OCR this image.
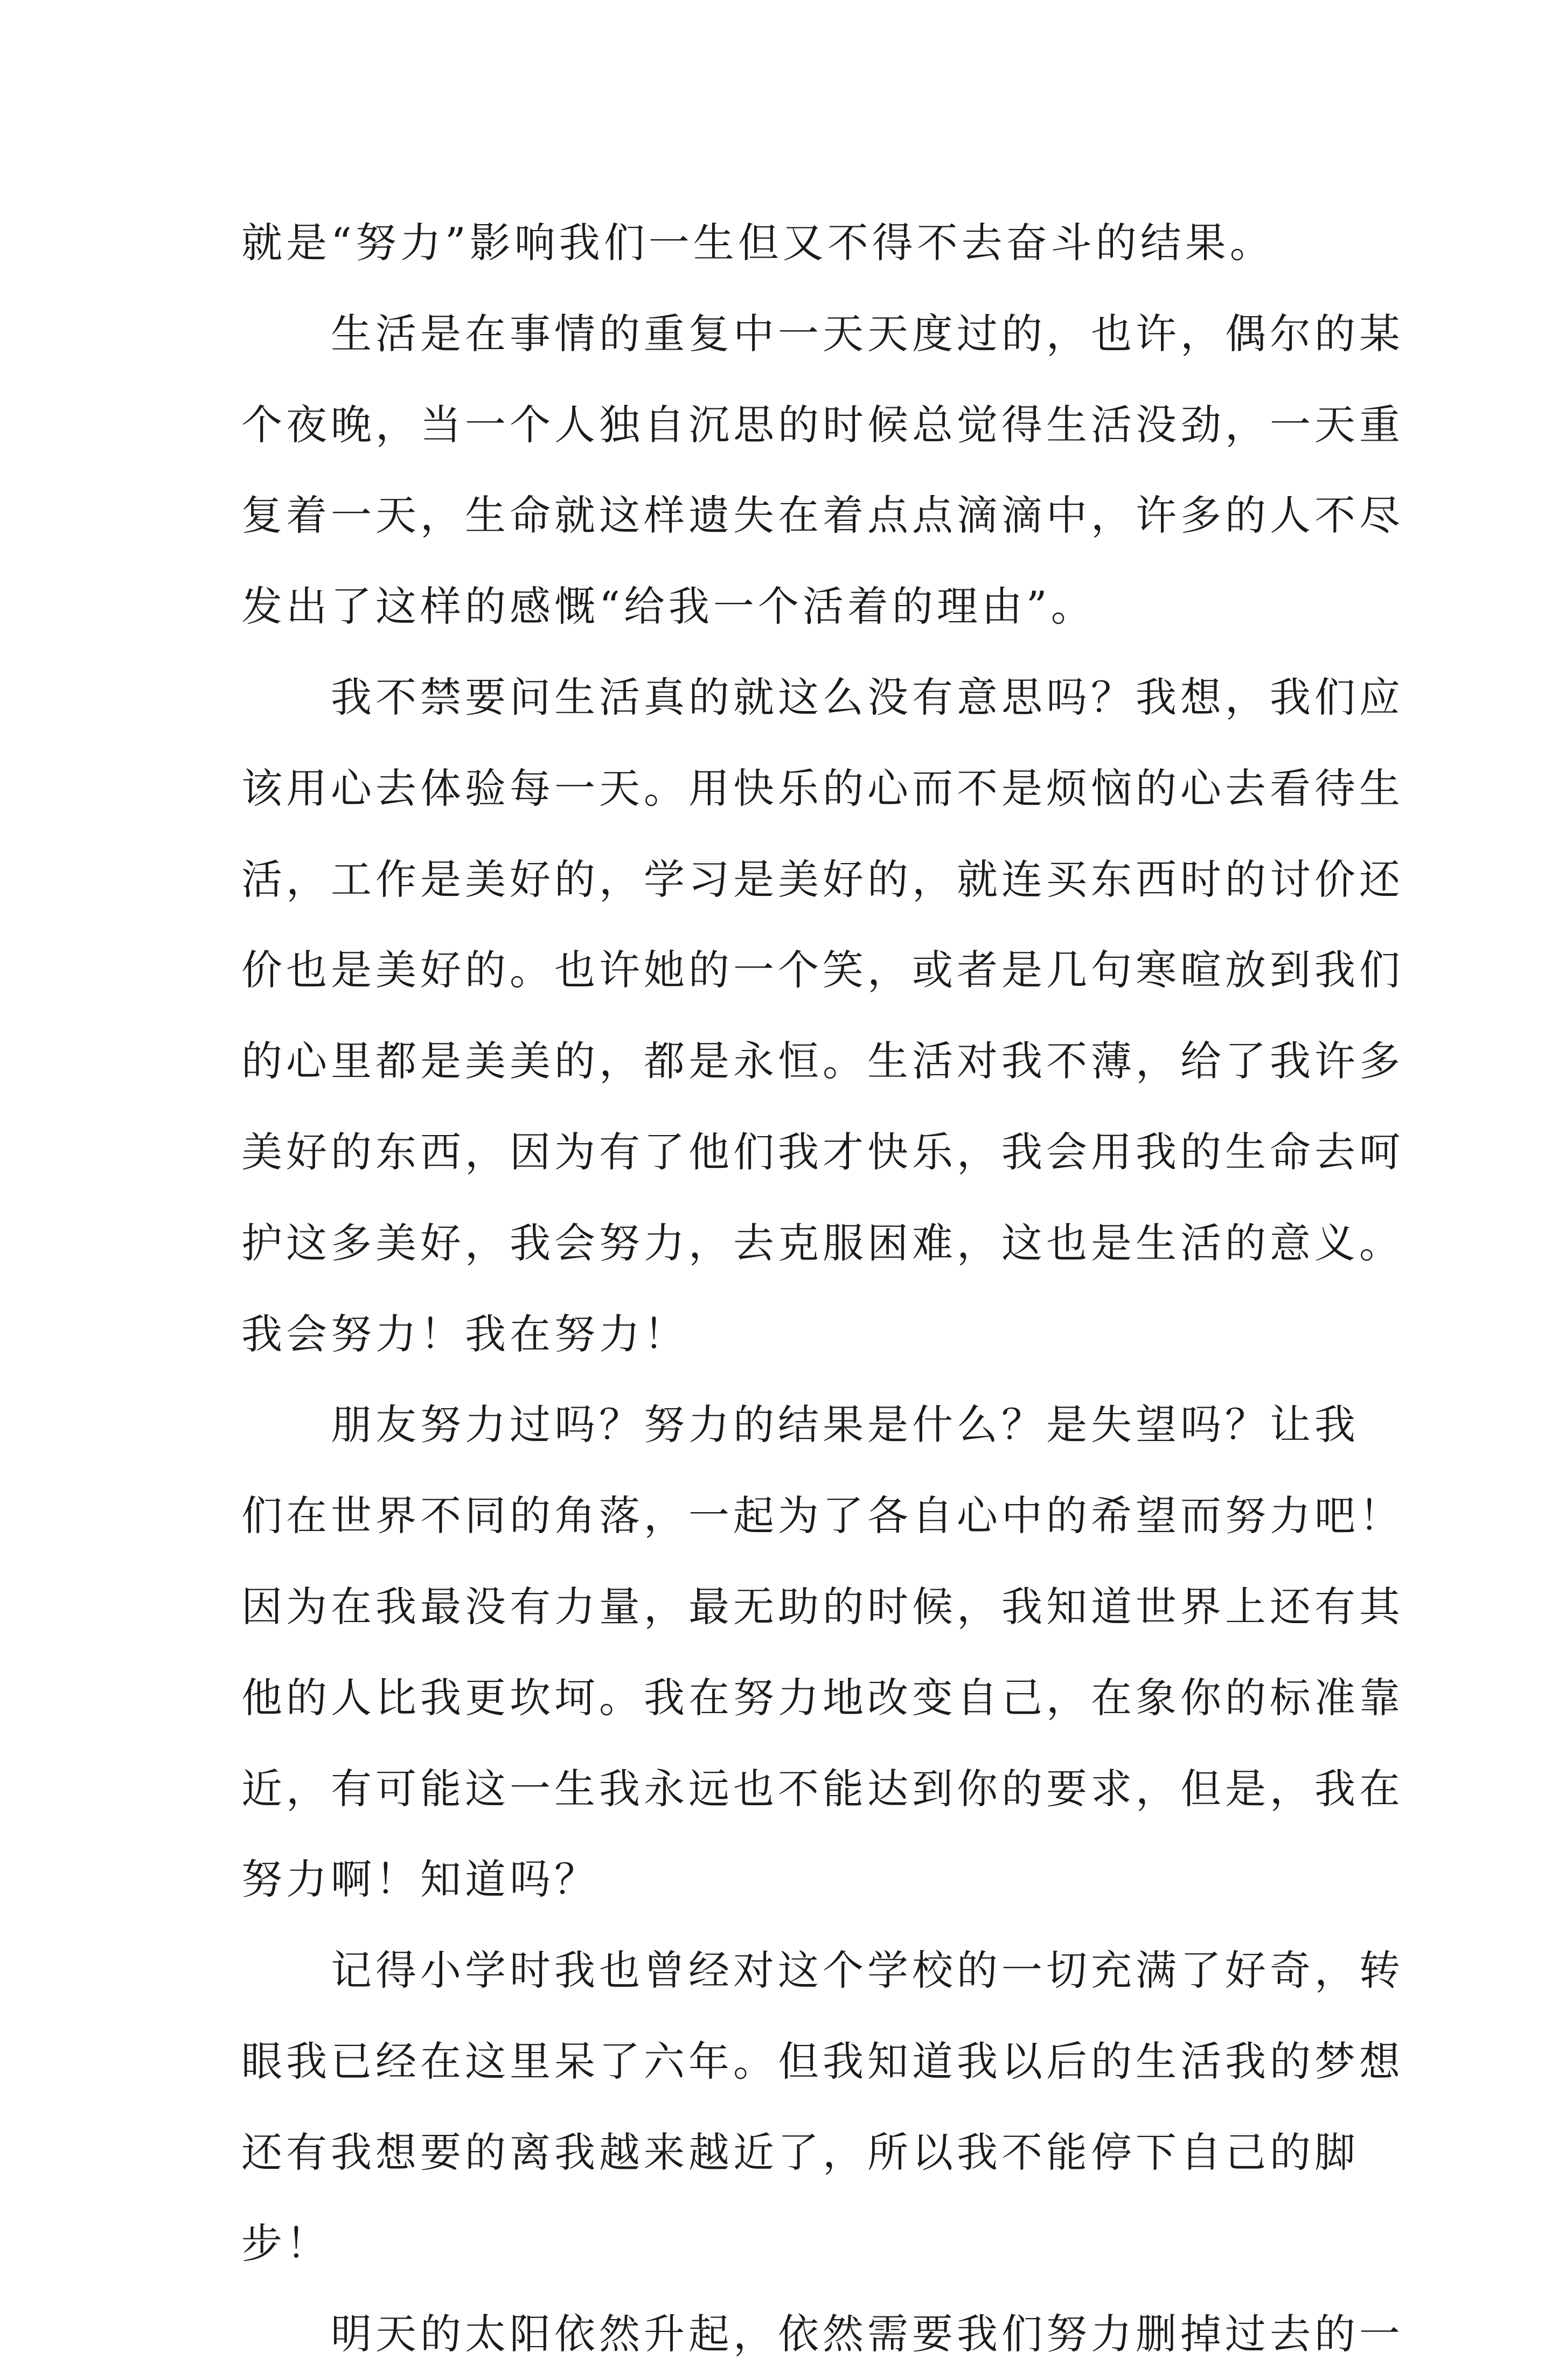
就是“努力”影响我们一生但又不得不去奋斗的结果。
生活是在事情的重复中一天天度过的，也许，偶尔的某
个夜晚，当一个人独自沉思的时候总觉得生活没劲，一天重
复着一天，生命就这样遗失在着点点滴滴中，许多的人不尽
发出了这样的感慨“给我一个活着的理由”。
我不禁要问生活真的就这么没有意思吗？我想，我们应
该用心去体验每一天。用快乐的心而不是烦恼的心去看待生
活，工作是美好的，学习是美好的，就连买东西时的讨价还
价也是美好的。也许她的一个笑，或者是几句寒暄放到我们
的心里都是美美的，都是永恒。生活对我不薄，给了我许多
美好的东西，因为有了他们我才快乐，我会用我的生命去呵
护这多美好，我会努力，去克服困难，这也是生活的意义。
我会努力！我在努力！
朋友努力过吗？努力的结果是什么？是失望吗？让我
们在世界不同的角落，一起为了各自心中的希望而努力吧！
因为在我最没有力量，最无助的时候，我知道世界上还有其
他的人比我更坎坷。我在努力地改变自己，在象你的标准靠
近，有可能这一生我永远也不能达到你的要求，但是，我在
努力啊！知道吗？
记得小学时我也曾经对这个学校的一切充满了好奇，转
眼我已经在这里呆了六年。但我知道我以后的生活我的梦想
还有我想要的离我越来越近了，所以我不能停下自己的脚
步！
明天的太阳依然升起，依然需要我们努力删掉过去的一
